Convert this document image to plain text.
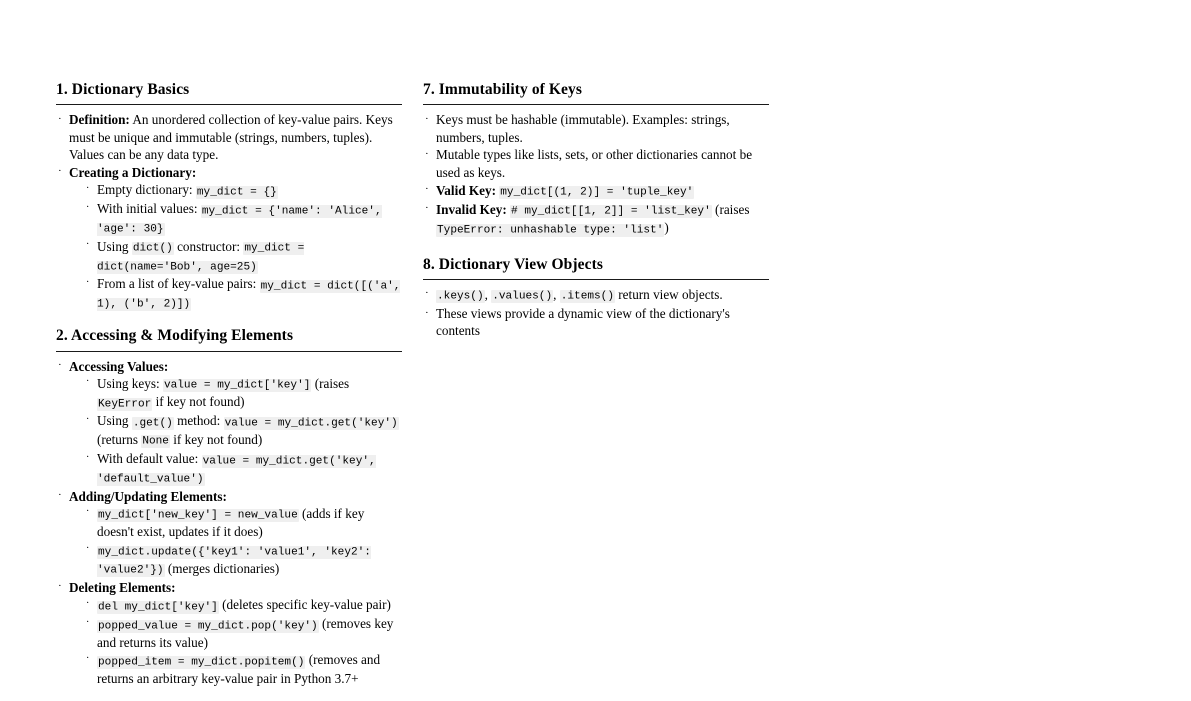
1. Dictionary Basics
· Definition: An unordered collection of key-value pairs. Keys must be unique and immutable (strings, numbers, tuples). Values can be any data type.
· Creating a Dictionary:
· Empty dictionary: my_dict = {}
· With initial values: my_dict = {'name': 'Alice', 'age': 30}
· Using dict() constructor: my_dict = dict(name='Bob', age=25)
· From a list of key-value pairs: my_dict = dict([('a', 1), ('b', 2)])
2. Accessing & Modifying Elements
· Accessing Values:
· Using keys: value = my_dict['key'] (raises KeyError if key not found)
· Using .get() method: value = my_dict.get('key') (returns None if key not found)
· With default value: value = my_dict.get('key', 'default_value')
· Adding/Updating Elements:
· my_dict['new_key'] = new_value (adds if key doesn't exist, updates if it does)
· my_dict.update({'key1': 'value1', 'key2': 'value2'}) (merges dictionaries)
· Deleting Elements:
· del my_dict['key'] (deletes specific key-value pair)
· popped_value = my_dict.pop('key') (removes key and returns its value)
· popped_item = my_dict.popitem() (removes and returns an arbitrary key-value pair in Python 3.7+
7. Immutability of Keys
· Keys must be hashable (immutable). Examples: strings, numbers, tuples.
· Mutable types like lists, sets, or other dictionaries cannot be used as keys.
· Valid Key: my_dict[(1, 2)] = 'tuple_key'
· Invalid Key: # my_dict[[1, 2]] = 'list_key' (raises TypeError: unhashable type: 'list')
8. Dictionary View Objects
· .keys(), .values(), .items() return view objects.
· These views provide a dynamic view of the dictionary's contents
